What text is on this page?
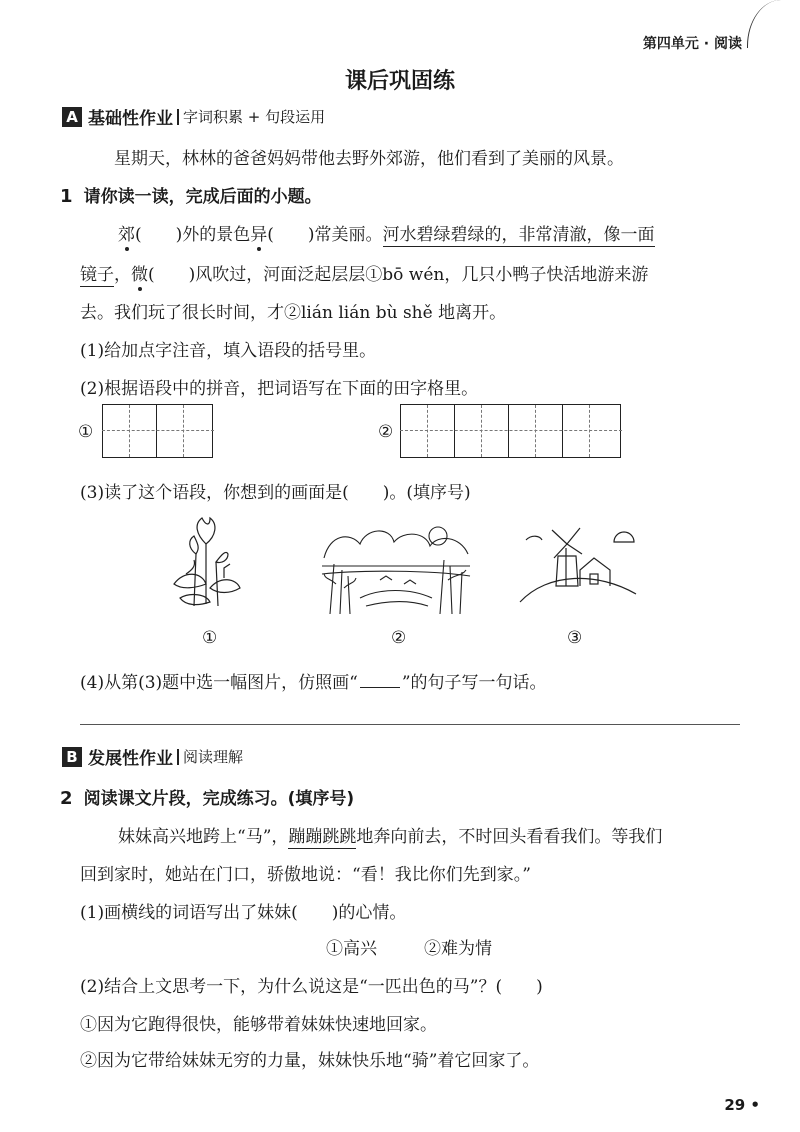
第四单元 · 阅读
课后巩固练
A 基础性作业 字词积累 + 句段运用
星期天，林林的爸爸妈妈带他去野外郊游，他们看到了美丽的风景。
1 请你读一读，完成后面的小题。
郊( )外的景色异( )常美丽。河水碧绿碧绿的，非常清澈，像一面
镜子，微( )风吹过，河面泛起层层①bō wén，几只小鸭子快活地游来游
去。我们玩了很长时间，才②lián lián bù shě 地离开。
(1)给加点字注音，填入语段的括号里。
(2)根据语段中的拼音，把词语写在下面的田字格里。
①	②
(3)读了这个语段，你想到的画面是(　　)。(填序号)
①	②	③
(4)从第(3)题中选一幅图片，仿照画“	”的句子写一句话。
B 发展性作业 阅读理解
2 阅读课文片段，完成练习。(填序号)
妹妹高兴地跨上“马”，蹦蹦跳跳地奔向前去，不时回头看看我们。等我们
回到家时，她站在门口，骄傲地说：“看！我比你们先到家。”
(1)画横线的词语写出了妹妹(　　)的心情。
①高兴	②难为情
(2)结合上文思考一下，为什么说这是“一匹出色的马”？(　　)
①因为它跑得很快，能够带着妹妹快速地回家。
②因为它带给妹妹无穷的力量，妹妹快乐地“骑”着它回家了。
29 •
